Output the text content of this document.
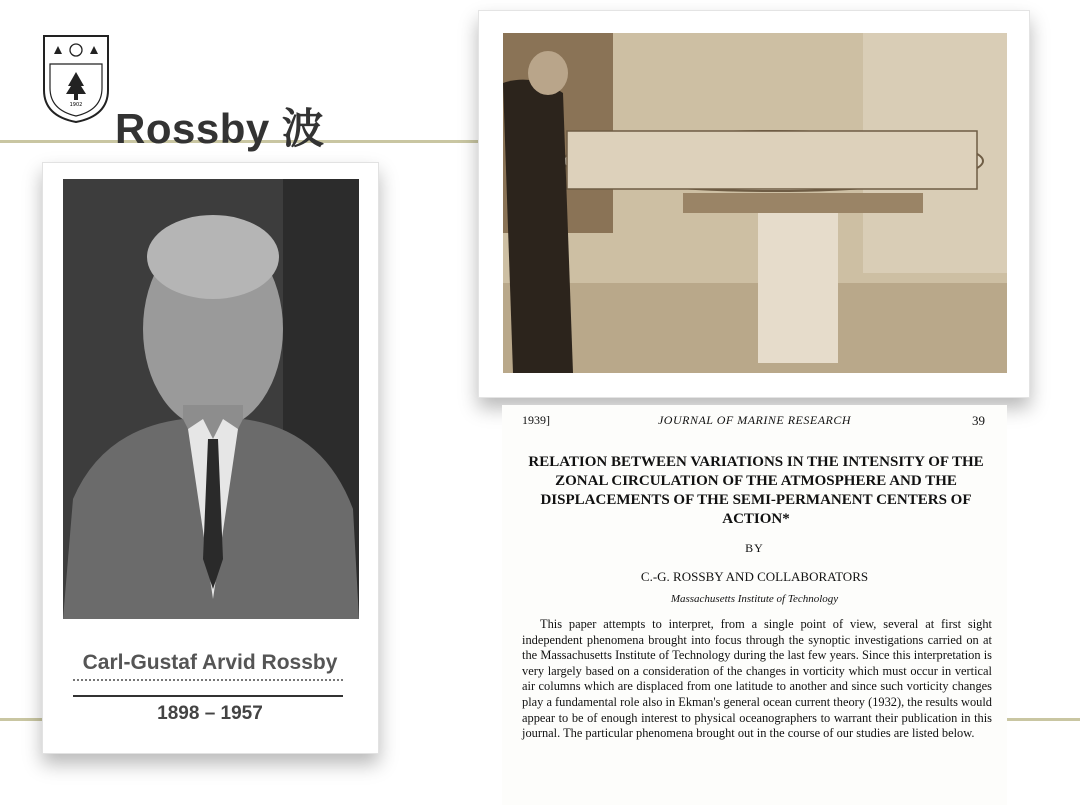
1902 Rossby 波
Carl-Gustaf Arvid Rossby
1898 – 1957
1939]	JOURNAL OF MARINE RESEARCH	39
RELATION BETWEEN VARIATIONS IN THE INTENSITY OF THE ZONAL CIRCULATION OF THE ATMOSPHERE AND THE DISPLACEMENTS OF THE SEMI-PERMANENT CENTERS OF ACTION*
BY
C.-G. ROSSBY AND COLLABORATORS
Massachusetts Institute of Technology
This paper attempts to interpret, from a single point of view, several at first sight independent phenomena brought into focus through the synoptic investigations carried on at the Massachusetts Institute of Technology during the last few years. Since this interpretation is very largely based on a consideration of the changes in vorticity which must occur in vertical air columns which are displaced from one latitude to another and since such vorticity changes play a fundamental role also in Ekman's general ocean current theory (1932), the results would appear to be of enough interest to physical oceanographers to warrant their publication in this journal. The particular phenomena brought out in the course of our studies are listed below.
